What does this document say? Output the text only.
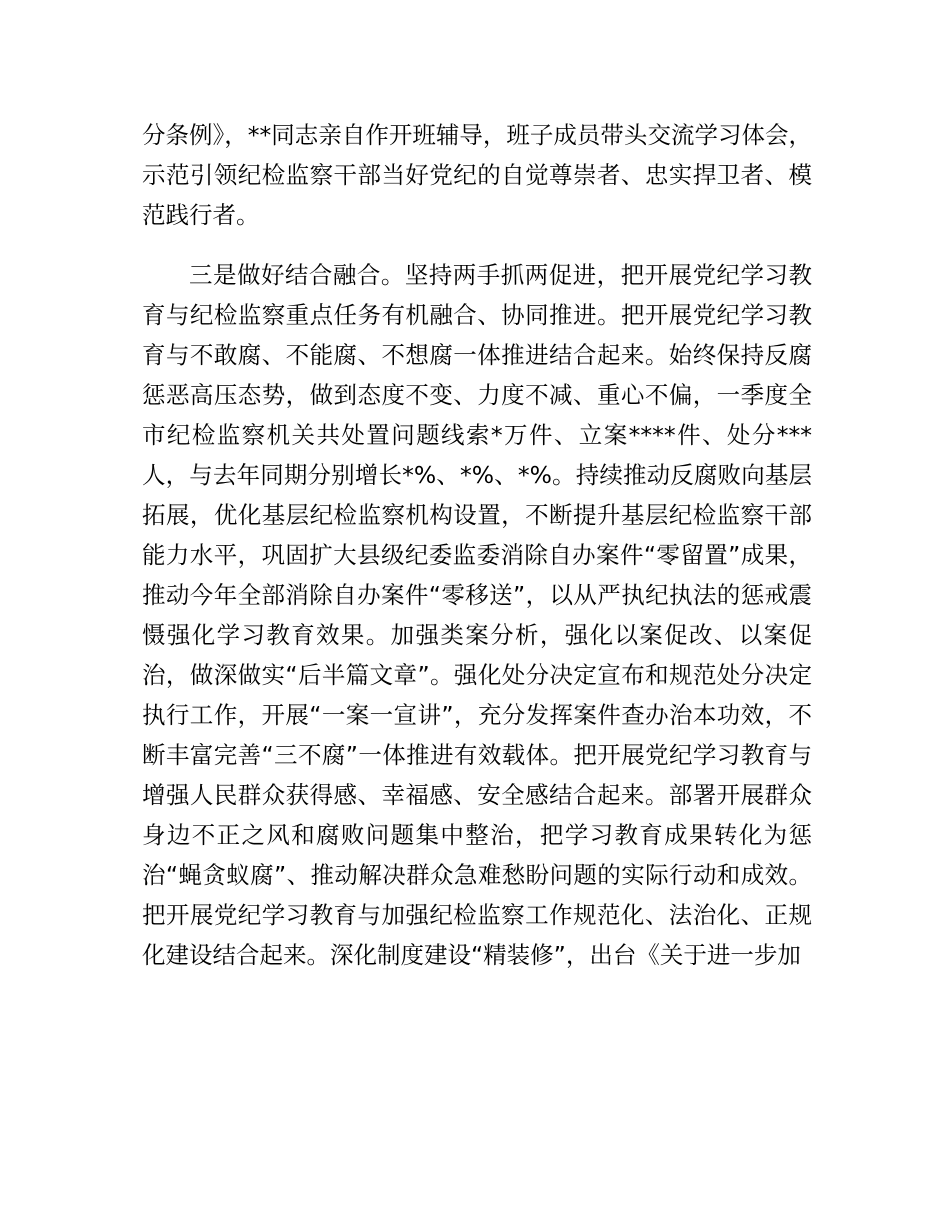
分条例》，**同志亲自作开班辅导，班子成员带头交流学习体会，示范引领纪检监察干部当好党纪的自觉尊崇者、忠实捍卫者、模范践行者。

三是做好结合融合。坚持两手抓两促进，把开展党纪学习教育与纪检监察重点任务有机融合、协同推进。把开展党纪学习教育与不敢腐、不能腐、不想腐一体推进结合起来。始终保持反腐惩恶高压态势，做到态度不变、力度不减、重心不偏，一季度全市纪检监察机关共处置问题线索*万件、立案****件、处分***人，与去年同期分别增长*%、*%、*%。持续推动反腐败向基层拓展，优化基层纪检监察机构设置，不断提升基层纪检监察干部能力水平，巩固扩大县级纪委监委消除自办案件“零留置”成果，推动今年全部消除自办案件“零移送”，以从严执纪执法的惩戒震慑强化学习教育效果。加强类案分析，强化以案促改、以案促治，做深做实“后半篇文章”。强化处分决定宣布和规范处分决定执行工作，开展“一案一宣讲”，充分发挥案件查办治本功效，不断丰富完善“三不腐”一体推进有效载体。把开展党纪学习教育与增强人民群众获得感、幸福感、安全感结合起来。部署开展群众身边不正之风和腐败问题集中整治，把学习教育成果转化为惩治“蝇贪蚁腐”、推动解决群众急难愁盼问题的实际行动和成效。把开展党纪学习教育与加强纪检监察工作规范化、法治化、正规化建设结合起来。深化制度建设“精装修”，出台《关于进一步加
